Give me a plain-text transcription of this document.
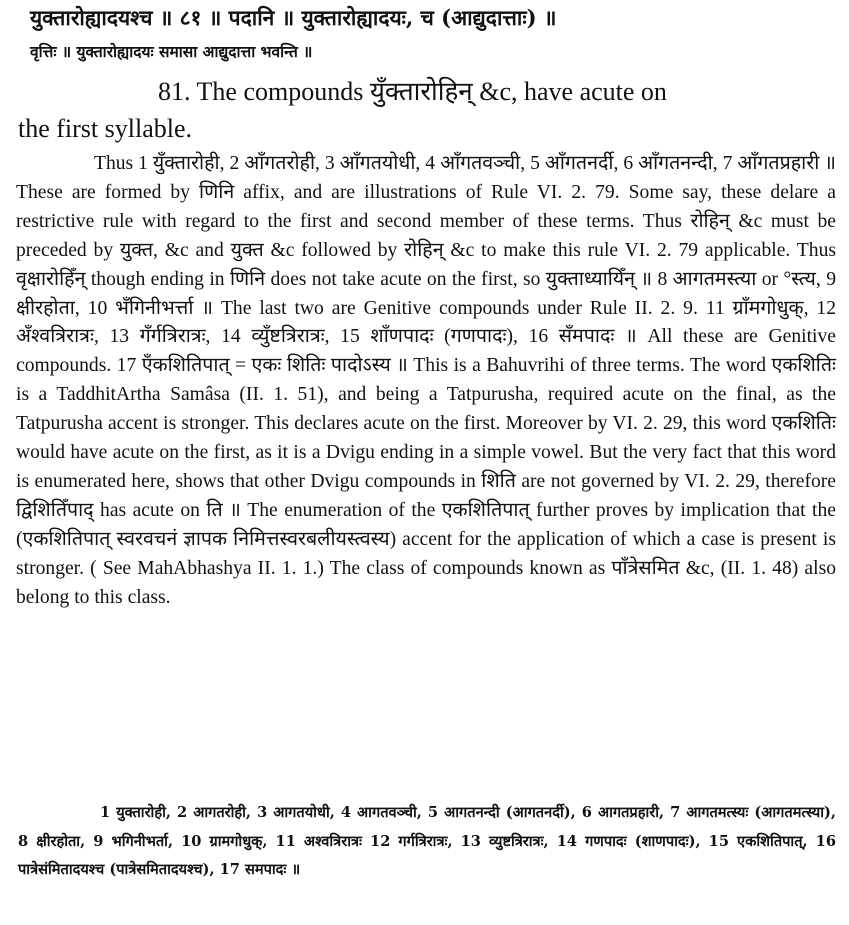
युक्तारोह्यादयश्च ॥ ८१ ॥ पदानि ॥ युक्तारोह्यादयः, च (आद्युदात्ताः) ॥
वृत्तिः ॥ युक्तारोह्यादयः समासा आद्युदात्ता भवन्ति ॥
81. The compounds युँक्तारोहिन् &c, have acute on
the first syllable.
Thus 1 युँक्तारोही, 2 आँगतरोही, 3 आँगतयोधी, 4 आँगतवञ्ची, 5 आँगतनर्दी, 6 आँगतनन्दी, 7 आँगतप्रहारी ॥ These are formed by णिनि affix, and are illustrations of Rule VI. 2. 79. Some say, these delare a restrictive rule with regard to the first and second member of these terms. Thus रोहिन् &c must be preceded by युक्त, &c and युक्त &c followed by रोहिन् &c to make this rule VI. 2. 79 applicable. Thus वृक्षारोहिँन् though ending in णिनि does not take acute on the first, so युक्ताध्यायिँन् ॥ 8 आगतमस्त्या or °स्त्य, 9 क्षीरहोता, 10 भँगिनीभर्त्ता ॥ The last two are Genitive compounds under Rule II. 2. 9. 11 ग्राँमगोधुक्, 12 अँश्वत्रिरात्रः, 13 गँर्गत्रिरात्रः, 14 व्युँष्टत्रिरात्रः, 15 शाँणपादः (गणपादः), 16 सँमपादः ॥ All these are Genitive compounds. 17 एँकशितिपात् = एकः शितिः पादोऽस्य ॥ This is a Bahuvrihi of three terms. The word एकशितिः is a TaddhitArtha Samâsa (II. 1. 51), and being a Tatpurusha, required acute on the final, as the Tatpurusha accent is stronger. This declares acute on the first. Moreover by VI. 2. 29, this word एकशितिः would have acute on the first, as it is a Dvigu ending in a simple vowel. But the very fact that this word is enumerated here, shows that other Dvigu compounds in शिति are not governed by VI. 2. 29, therefore द्विशितिँपाद् has acute on ति ॥ The enumeration of the एकशितिपात् further proves by implication that the (एकशितिपात् स्वरवचनं ज्ञापक निमित्तस्वरबलीयस्त्वस्य) accent for the application of which a case is present is stronger. ( See MahAbhashya II. 1. 1.) The class of compounds known as पाँत्रेसमित &c, (II. 1. 48) also belong to this class.
1 युक्तारोही, 2 आगतरोही, 3 आगतयोधी, 4 आगतवञ्ची, 5 आगतनन्दी (आगतनर्दी), 6 आगतप्रहारी, 7 आगतमत्स्यः (आगतमत्स्या), 8 क्षीरहोता, 9 भगिनीभर्ता, 10 ग्रामगोधुक्, 11 अश्वत्रिरात्रः 12 गर्गत्रिरात्रः, 13 व्युष्टत्रिरात्रः, 14 गणपादः (शाणपादः), 15 एकशितिपात्, 16 पात्रेसंमितादयश्च (पात्रेसमितादयश्च), 17 समपादः ॥
